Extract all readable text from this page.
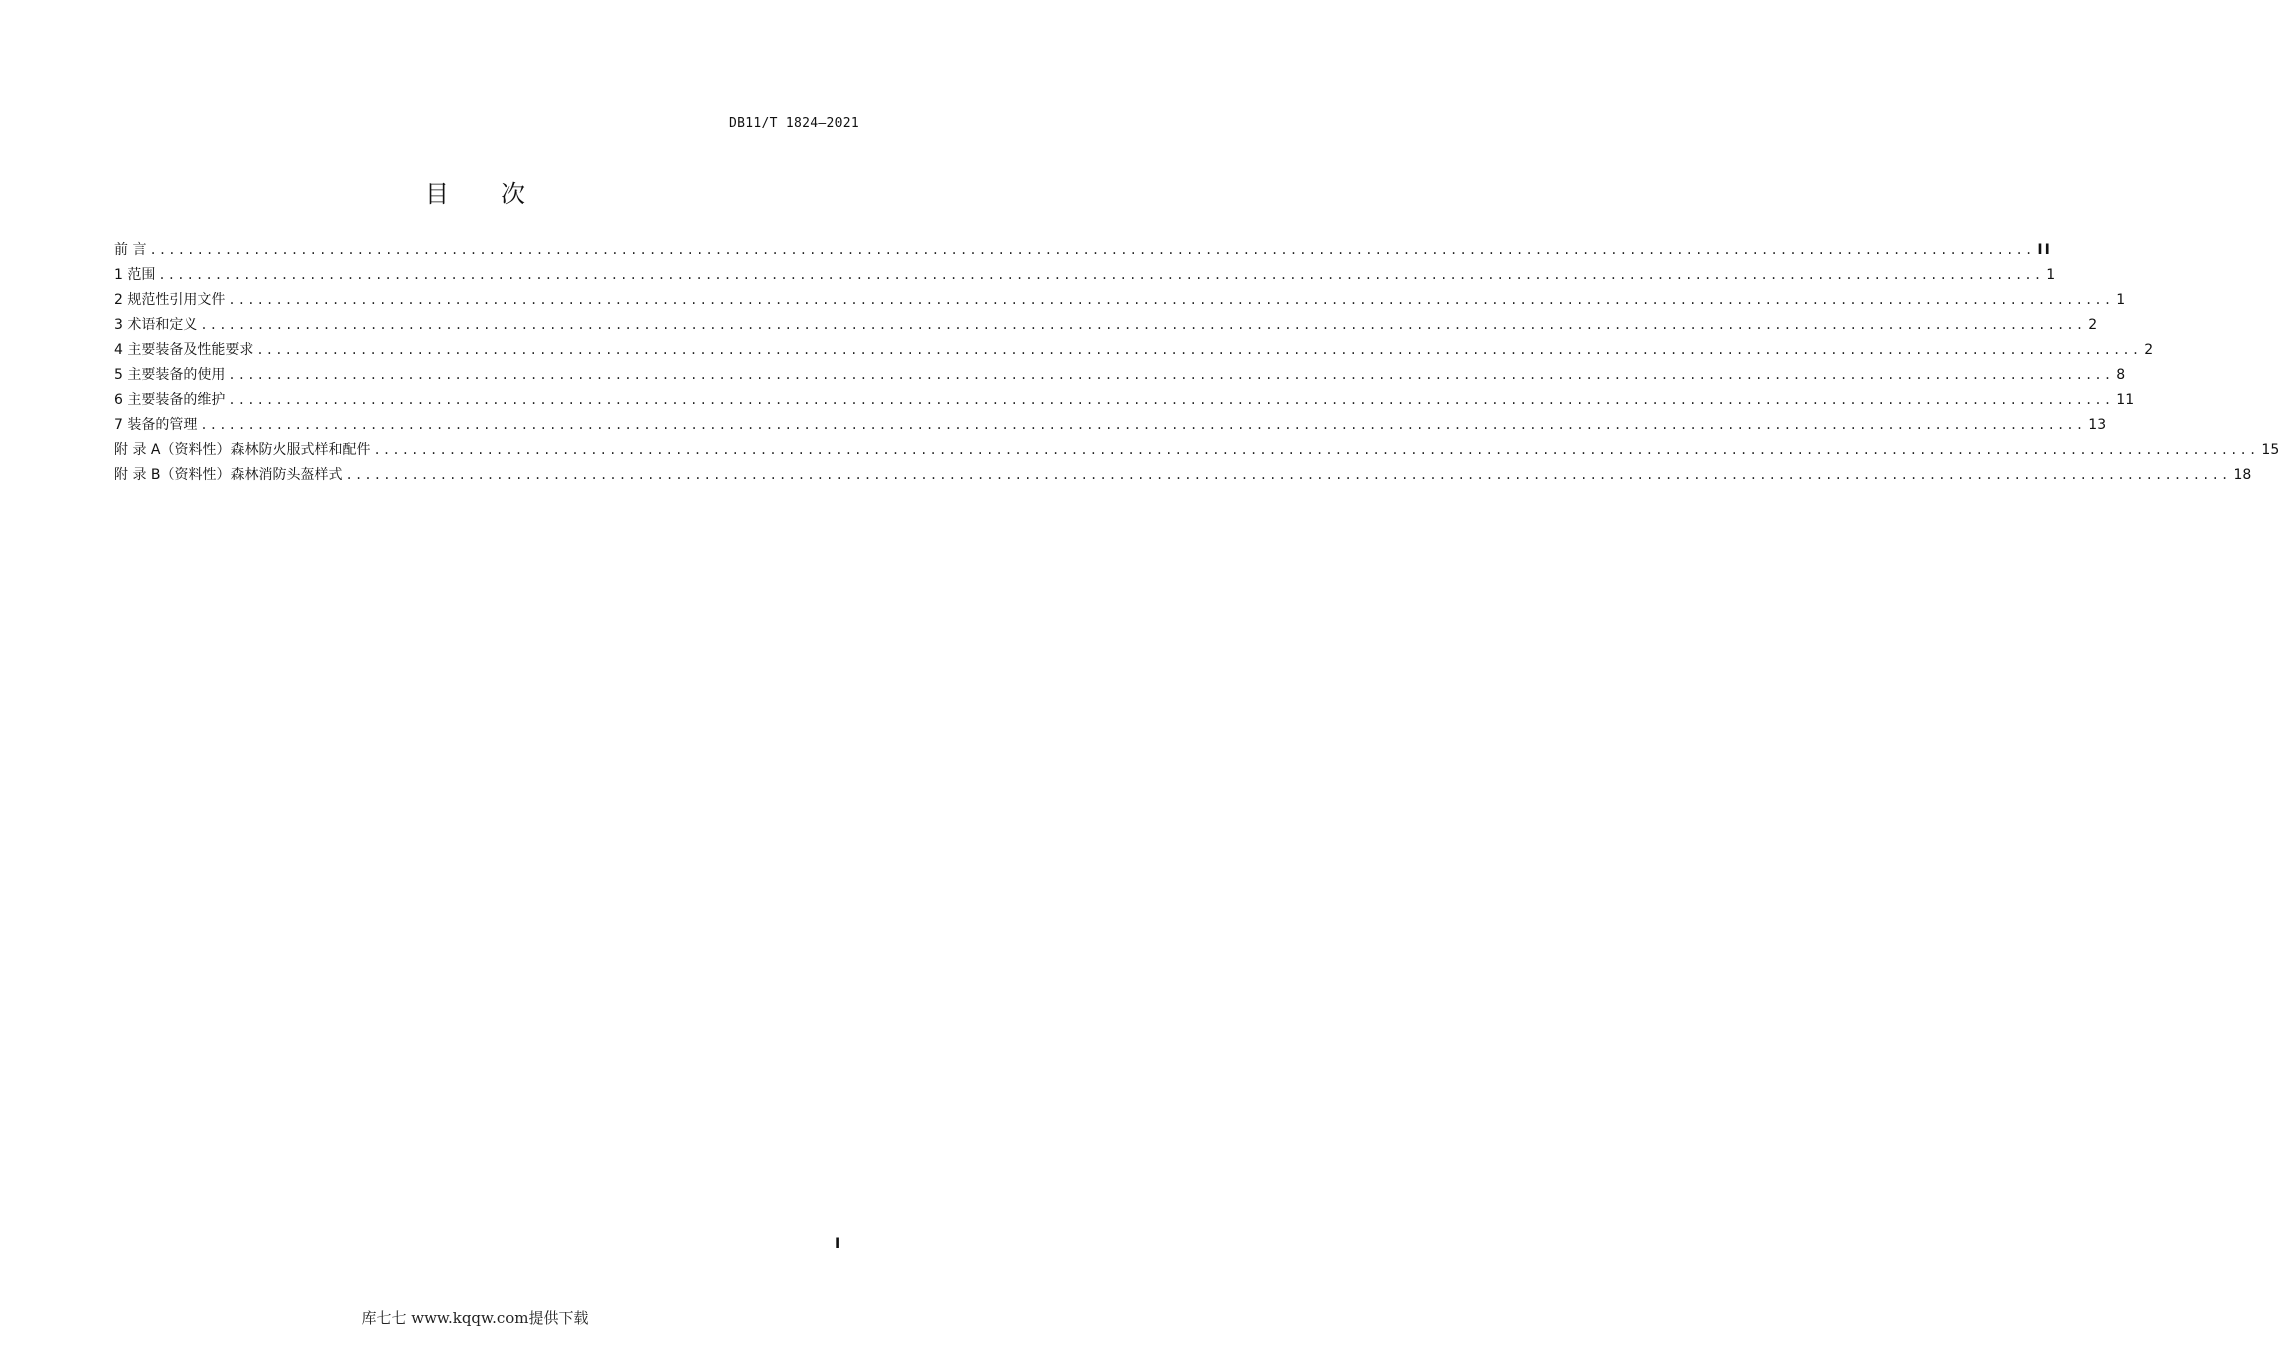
DB11/T 1824—2021
目 次
前 言 ........................................................................................................................................................................................................ II
1 范围 ........................................................................................................................................................................................................ 1
2 规范性引用文件 ........................................................................................................................................................................................................ 1
3 术语和定义 ........................................................................................................................................................................................................ 2
4 主要装备及性能要求 ........................................................................................................................................................................................................ 2
5 主要装备的使用 ........................................................................................................................................................................................................ 8
6 主要装备的维护 ........................................................................................................................................................................................................ 11
7 装备的管理 ........................................................................................................................................................................................................ 13
附 录 A（资料性）森林防火服式样和配件 ........................................................................................................................................................................................................ 15
附 录 B（资料性）森林消防头盔样式 ........................................................................................................................................................................................................ 18
I
库七七 www.kqqw.com提供下载
